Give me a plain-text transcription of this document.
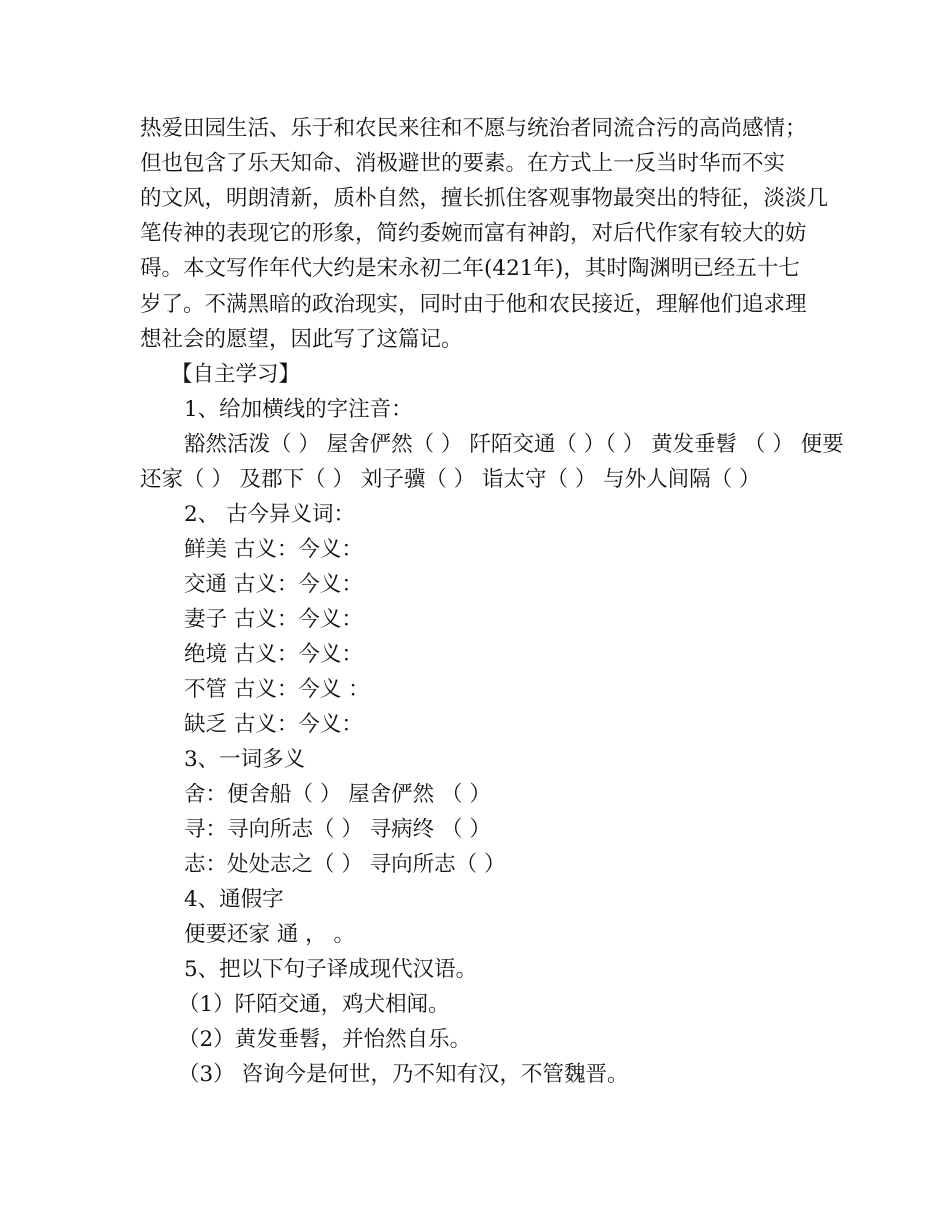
热爱田园生活、乐于和农民来往和不愿与统治者同流合污的高尚感情；
但也包含了乐天知命、消极避世的要素。在方式上一反当时华而不实
的文风，明朗清新，质朴自然，擅长抓住客观事物最突出的特征，淡淡几
笔传神的表现它的形象，简约委婉而富有神韵，对后代作家有较大的妨
碍。本文写作年代大约是宋永初二年(421年)，其时陶渊明已经五十七
岁了。不满黑暗的政治现实，同时由于他和农民接近，理解他们追求理
想社会的愿望，因此写了这篇记。
【自主学习】
1、给加横线的字注音：
豁然活泼（ ） 屋舍俨然（ ） 阡陌交通（ ）（ ） 黄发垂髫 （ ） 便要
还家（ ） 及郡下（ ） 刘子骥（ ） 诣太守（ ） 与外人间隔（ ）
2、 古今异义词：
鲜美 古义：今义：
交通 古义：今义：
妻子 古义：今义：
绝境 古义：今义：
不管 古义：今义 ：
缺乏 古义：今义：
3、一词多义
舍：便舍船（ ） 屋舍俨然 （ ）
寻：寻向所志（ ） 寻病终 （ ）
志：处处志之（ ） 寻向所志（ ）
4、通假字
便要还家 通 ， 。
5、把以下句子译成现代汉语。
（1）阡陌交通，鸡犬相闻。
（2）黄发垂髫，并怡然自乐。
（3） 咨询今是何世，乃不知有汉，不管魏晋。
